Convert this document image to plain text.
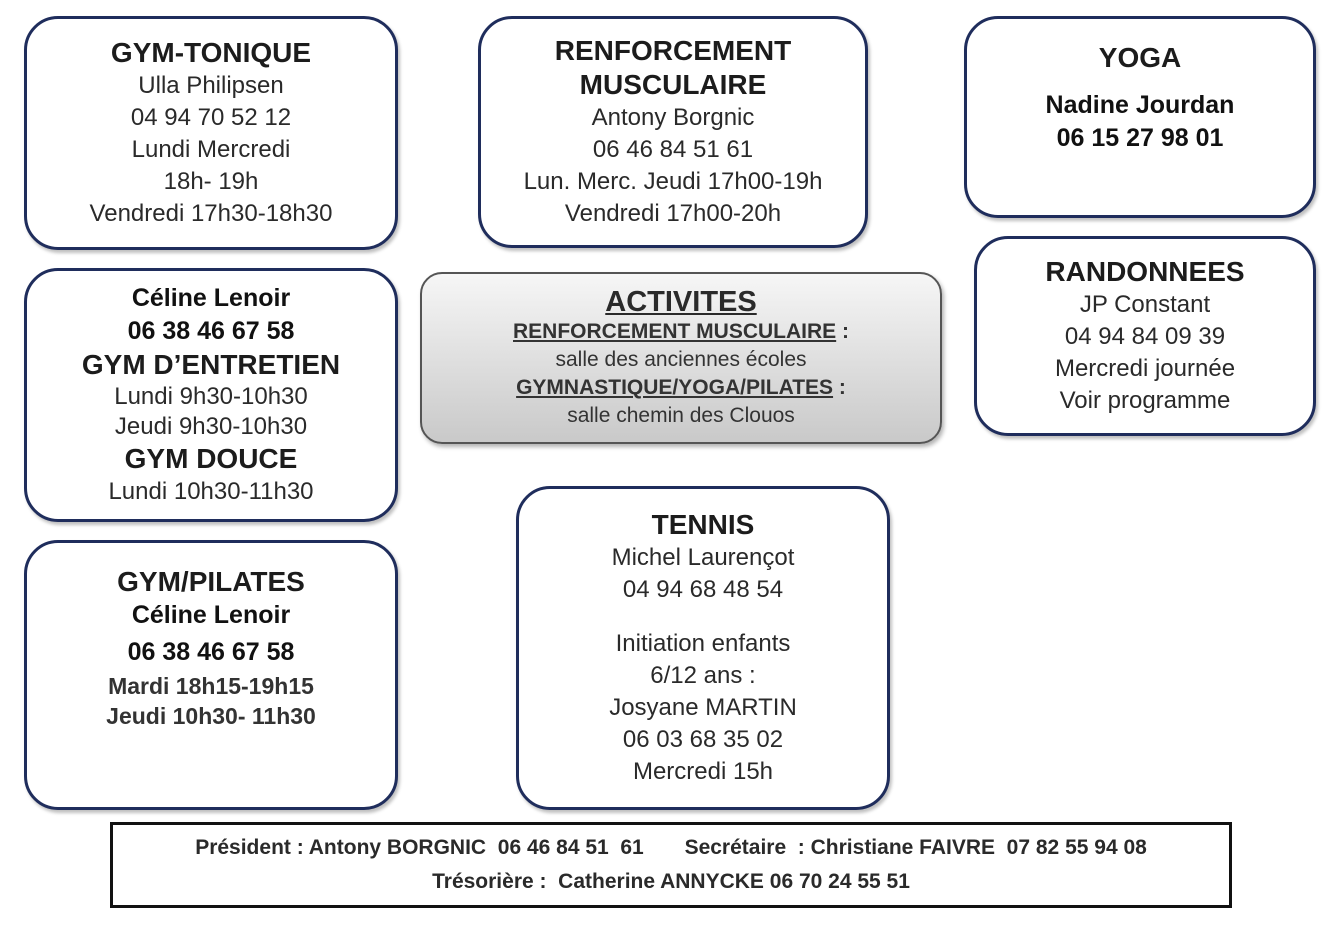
GYM-TONIQUE
Ulla Philipsen
04 94 70 52 12
Lundi Mercredi
18h- 19h
Vendredi 17h30-18h30
RENFORCEMENT
MUSCULAIRE
Antony Borgnic
06 46 84 51 61
Lun. Merc. Jeudi 17h00-19h
Vendredi 17h00-20h
YOGA
Nadine Jourdan
06 15 27 98 01
Céline Lenoir
06 38 46 67 58
GYM D’ENTRETIEN
Lundi 9h30-10h30
Jeudi 9h30-10h30
GYM DOUCE
Lundi 10h30-11h30
ACTIVITES
RENFORCEMENT MUSCULAIRE :
salle des anciennes écoles
GYMNASTIQUE/YOGA/PILATES :
salle chemin des Clouos
RANDONNEES
JP Constant
04 94 84 09 39
Mercredi journée
Voir programme
GYM/PILATES
Céline Lenoir
06 38 46 67 58
Mardi 18h15-19h15
Jeudi 10h30- 11h30
TENNIS
Michel Laurençot
04 94 68 48 54
Initiation enfants
6/12 ans :
Josyane MARTIN
06 03 68 35 02
Mercredi 15h
Président : Antony BORGNIC  06 46 84 51  61       Secrétaire  : Christiane FAIVRE  07 82 55 94 08
Trésorière :  Catherine ANNYCKE 06 70 24 55 51
